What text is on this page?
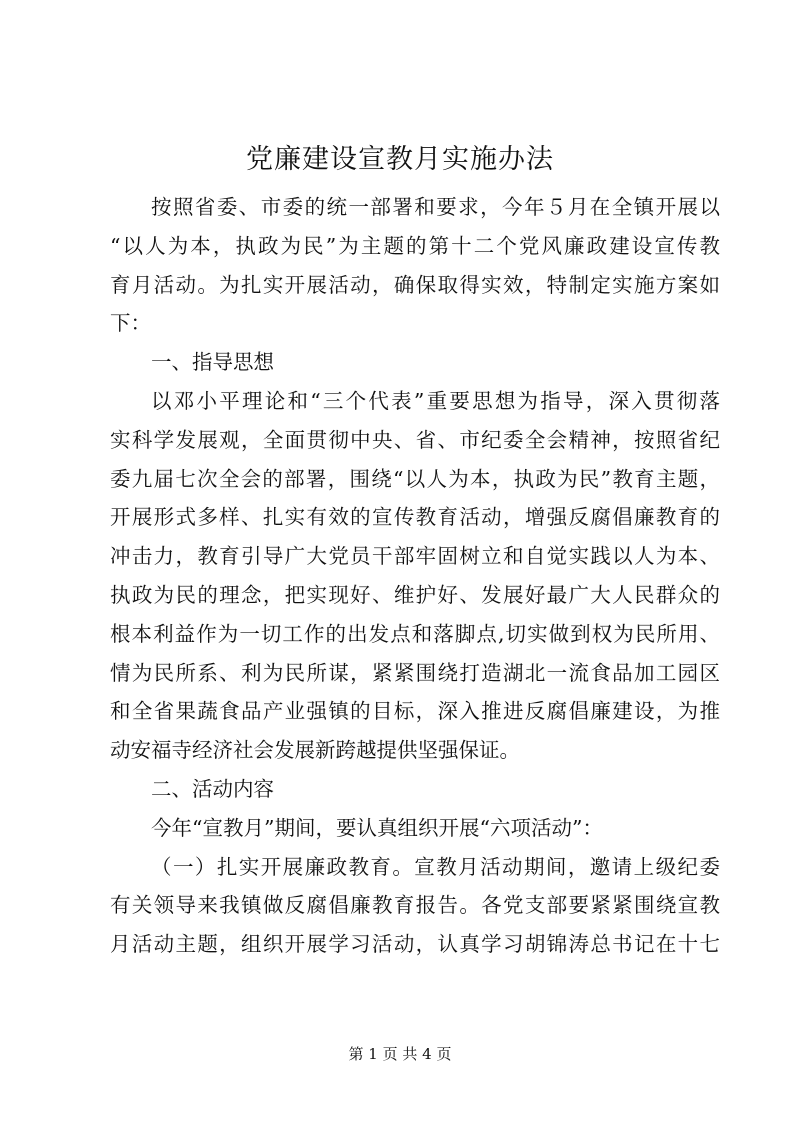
党廉建设宣教月实施办法
按照省委、市委的统一部署和要求，今年５月在全镇开展以
“以人为本，执政为民”为主题的第十二个党风廉政建设宣传教
育月活动。为扎实开展活动，确保取得实效，特制定实施方案如
下：
一、指导思想
以邓小平理论和“三个代表”重要思想为指导，深入贯彻落
实科学发展观，全面贯彻中央、省、市纪委全会精神，按照省纪
委九届七次全会的部署，围绕“以人为本，执政为民”教育主题，
开展形式多样、扎实有效的宣传教育活动，增强反腐倡廉教育的
冲击力，教育引导广大党员干部牢固树立和自觉实践以人为本、
执政为民的理念，把实现好、维护好、发展好最广大人民群众的
根本利益作为一切工作的出发点和落脚点,切实做到权为民所用、
情为民所系、利为民所谋，紧紧围绕打造湖北一流食品加工园区
和全省果蔬食品产业强镇的目标，深入推进反腐倡廉建设，为推
动安福寺经济社会发展新跨越提供坚强保证。
二、活动内容
今年“宣教月”期间，要认真组织开展“六项活动”：
（一）扎实开展廉政教育。宣教月活动期间，邀请上级纪委
有关领导来我镇做反腐倡廉教育报告。各党支部要紧紧围绕宣教
月活动主题，组织开展学习活动，认真学习胡锦涛总书记在十七
第 1 页 共 4 页
